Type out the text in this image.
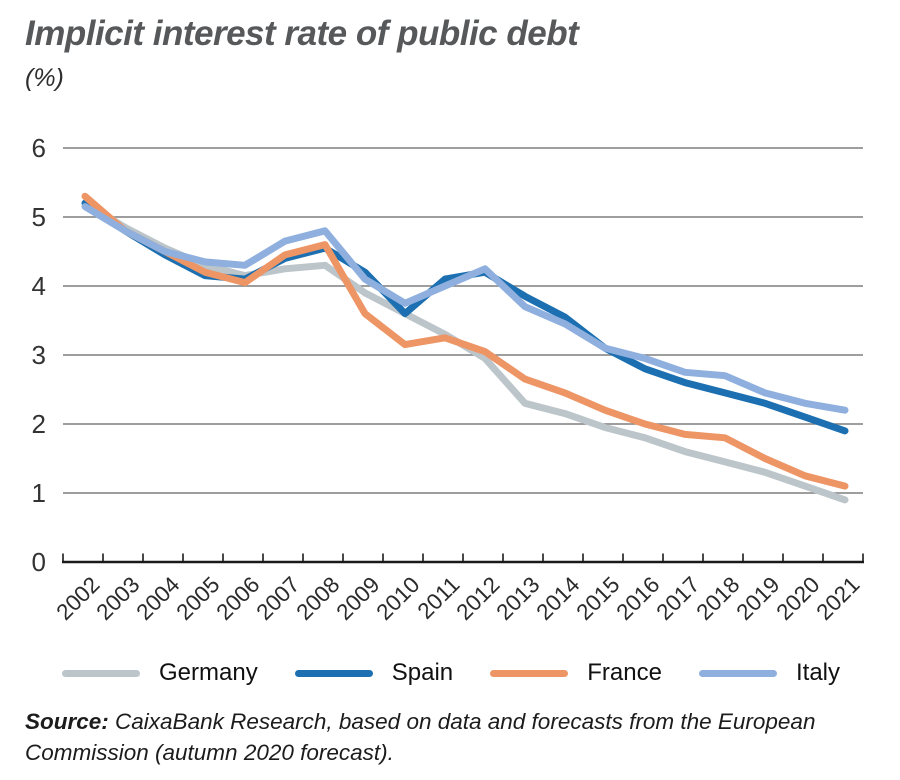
Implicit interest rate of public debt
(%)
0
1
2
3
4
5
6
2002
2003
2004
2005
2006
2007
2008
2009
2010
2011
2012
2013
2014
2015
2016
2017
2018
2019
2020
2021
Germany	Spain	France	Italy
Source: CaixaBank Research, based on data and forecasts from the European Commission (autumn 2020 forecast).
